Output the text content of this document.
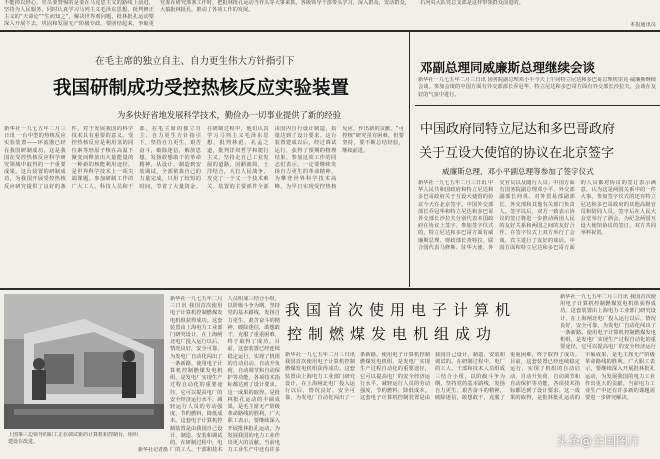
不能掉以轻心。党员要警惕的是要在马克思主义的路线上前进，坚持为人民服务，同时认真学习马列主义毛泽东思想，批判修正主义的“天命论”“生而知之”，解决世界观问题，批林批孔运动要深入开展下去，巩固和发展无产阶级专政。要团结起来，争取更
党委在研究部署工作时，把批林批孔运动当作头等大事来抓，各级领导干部带头学习，深入群众，发动群众，大搞批林批孔，推动了各项工作的发展。
石河央大队党总支部是这样带领群众前进的。
本报通讯员
在毛主席的独立自主、自力更生伟大方针指引下
我国研制成功受控热核反应实验装置
为多快好省地发展科学技术，勤俭办一切事业提供了新的经验
新华社一九七五年二月三日讯 一台中型的热核反应实验装置——环流器已经在我国研制成功，这是我国在受控热核反应科学研究领域中取得的一个重要成果。这台装置的研制成功，为我国开展受控热核反应研究提供了良好的条件，对于发展我国的科学技术具有重要的意义。受控热核反应是利用氢的同位素等轻原子核在高温下聚变而释放出大量能量的一种新的核能利用途径，是世界科学技术上一项尖端课题。参加研制工作的广大工人、科技人员和干部，在毛主席的独立自主、自力更生方针指引下，坚持自力更生，艰苦奋斗，破除迷信，解放思想，发扬敢想敢干的革命精神，从设计、制造到安装调试，全部依靠自己的力量完成，只用了较短的时间，节省了大量资金。在研制过程中，他们认真学习马列主义毛泽东思想，批判林彪、孔孟之道，批判洋奴哲学和爬行主义，坚持走自己工业发展的道路，因陋就简，土洋结合，大打人民战争，攻克了一个又一个技术难关。装置的主要部件全部由国内自行设计制造，质量达到了设计要求。这台装置建成以后，经过调试运行，获得了预期的物理结果。参加这项工作的同志们表示，一定要继续发扬自力更生的革命精神，为攀登世界科学技术高峰，为早日实现受控热核反应，作出新的贡献。“可控核”研究虽有困难，但要坚持，要不断总结经验，继续前进。
邓副总理同威廉斯总理继续会谈
新华社一九七五年二月三日讯 国务院副总理邓小平今天上午同特立尼达和多巴哥总理埃里克·威廉斯继续会谈。参加会谈的中国方面有外交部部长乔冠华，特立尼达和多巴哥方面有外交部长沙拉夫，会谈在友好的气氛中进行。
中国政府同特立尼达和多巴哥政府
关于互设大使馆的协议在北京签字
威廉斯总理、邓小平副总理等参加了签字仪式
新华社一九七五年二月三日讯 中华人民共和国政府和特立尼达和多巴哥政府关于互设大使馆的协议今天在北京签字。中国外交部部长乔冠华和特立尼达和多巴哥外交部长沙拉夫分别代表本国政府在协议上签字。参加签字仪式的，特立尼达和多巴哥方面有威廉斯总理、财政部长查特拉、联合国代表马修斯、驻华大使、外交官员以及随行人员；中国方面有国务院副总理邓小平、外交部副部长何英、对外贸易部副部长、外交部和其他有关部门负责人。签字以后，双方一致表示协议的签订将进一步推动两国人民的友好关系和两国之间的友好合作。在签字仪式上双方举行了会谈，宾主进行了友好的谈话。中国方面和特立尼达和多巴哥方面的人员都对协议的签订表示满意，认为这是两国关系中的一件大事。参加签字仪式的还有特立尼达和多巴哥政府的其他高级官员和陪同人员。签字后在人民大会堂举行了酒会，为纪念两国互设大使馆协议的签订，双方共同举杯祝贺。
上图事三边领导的职工正在调试新的计算机和控制台，组织建设在改进。
新华社记者摄
我国首次使用电子计算机
控制燃煤发电机组成功
新华社一九七五年二月三日讯 我国首次使用电子计算机控制燃煤发电机组获得成功。这套装置由上海电力工业部门研究设计，在上海闸北电厂投入运行以后，情况良好，安全可靠，为发电厂自动化闯出了一条新路。使用电子计算机控制燃煤发电机组，是发电厂实现生产过程自动化的重要途径，它可以提高电厂的安全经济运行水平，减轻运行人员的劳动强度，节约燃料，降低成本。这套电子计算机控制装置是由我国自己设计、制造、安装和调试的。在研制过程中，电厂的工人、干部和技术人员组成三结合小组，以阶级斗争为纲，坚持党的基本路线，发扬自力更生、艰苦奋斗的精神，破除迷信，敢想敢干，克服了重重困难，终于取得了成功。目前，这套装置已经连续稳定运行，实现了机组的自动启动、自动升负荷、自动调节和自动保护等功能，各项技术指标都达到了设计要求。这一成果的取得，是批林批孔运动的丰硕成果，是毛主席无产阶级革命路线的胜利。广大职工表示，要继续深入开展批林批孔运动，为发展我国的电力工业作出更大的贡献。当前电力工业生产中还有许多
新华社一九七五年二月三日讯 我国首次使用电子计算机控制燃煤发电机组获得成功。这套装置由上海电力工业部门研究设计，在上海闸北电厂投入运行以后，情况良好，安全可靠，为发电厂自动化闯出了一条新路。使用电子计算机控制燃煤发电机组，是发电厂实现生产过程自动化的重要途径，它可以提高电厂的安全经济运行水平，减轻运行人员的劳动强度，节约燃料，降低成本。这套电子计算机控制装置是由我国自己设计、制造、安装和调试的。在研制过程中，电厂的工人、干部和技术人员组成三结合小组，以阶级斗争为纲，坚持党的基本路线，发扬自力更生、艰苦奋斗的精神，破除迷信，敢想敢干，克服了重重困难，终于取得了成功。目前，这套装置已经连续稳定运行，实现了机组的自动启动、自动升负荷、自动调节和自动保护等功能，各项技术指标都达到了设计要求。这一成果的取得，是批林批孔运动的丰硕成果，是毛主席无产阶级革命路线的胜利。广大职工表示，要继续深入开展批林批孔运动，为发展我国的电力工业作出更大的贡献。当前电力工业生产中还有许多新的课题需要进一步研究解决。
新华社一九七五年二月三日讯 我国首次使用电子计算机控制燃煤发电机组获得成功。这套装置由上海电力工业部门研究设计，在上海闸北电厂投入运行以后，情况良好，安全可靠，为发电厂自动化闯出了一条新路。使用电子计算机控制燃煤发电机组，是发电厂实现生产过程自动化的重要途径，它可以提高电厂的安全经济运行
头条@全国图片
